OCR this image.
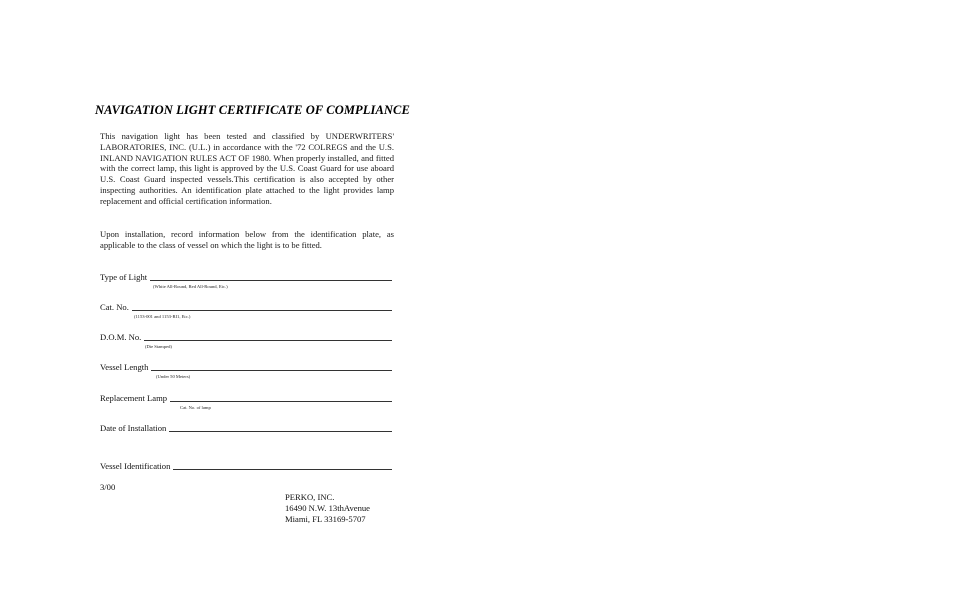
NAVIGATION LIGHT CERTIFICATE OF COMPLIANCE

This navigation light has been tested and classified by UNDERWRITERS' LABORATORIES, INC. (U.L.) in accordance with the '72 COLREGS and the U.S. INLAND NAVIGATION RULES ACT OF 1980. When properly installed, and fitted with the correct lamp, this light is approved by the U.S. Coast Guard for use aboard U.S. Coast Guard inspected vessels.This certification is also accepted by other inspecting authorities. An identification plate attached to the light provides lamp replacement and official certification information.

Upon installation, record information below from the identification plate, as applicable to the class of vessel on which the light is to be fitted.

Type of Light
(White All-Round, Red All-Round, Etc.)
Cat. No.
(1153-001 and 1153-RI1, Etc.)
D.O.M. No.
(Die Stamped)
Vessel Length
(Under 50 Meters)
Replacement Lamp
Cat. No. of lamp
Date of Installation
Vessel Identification

3/00

PERKO, INC.
16490 N.W. 13thAvenue
Miami, FL 33169-5707
